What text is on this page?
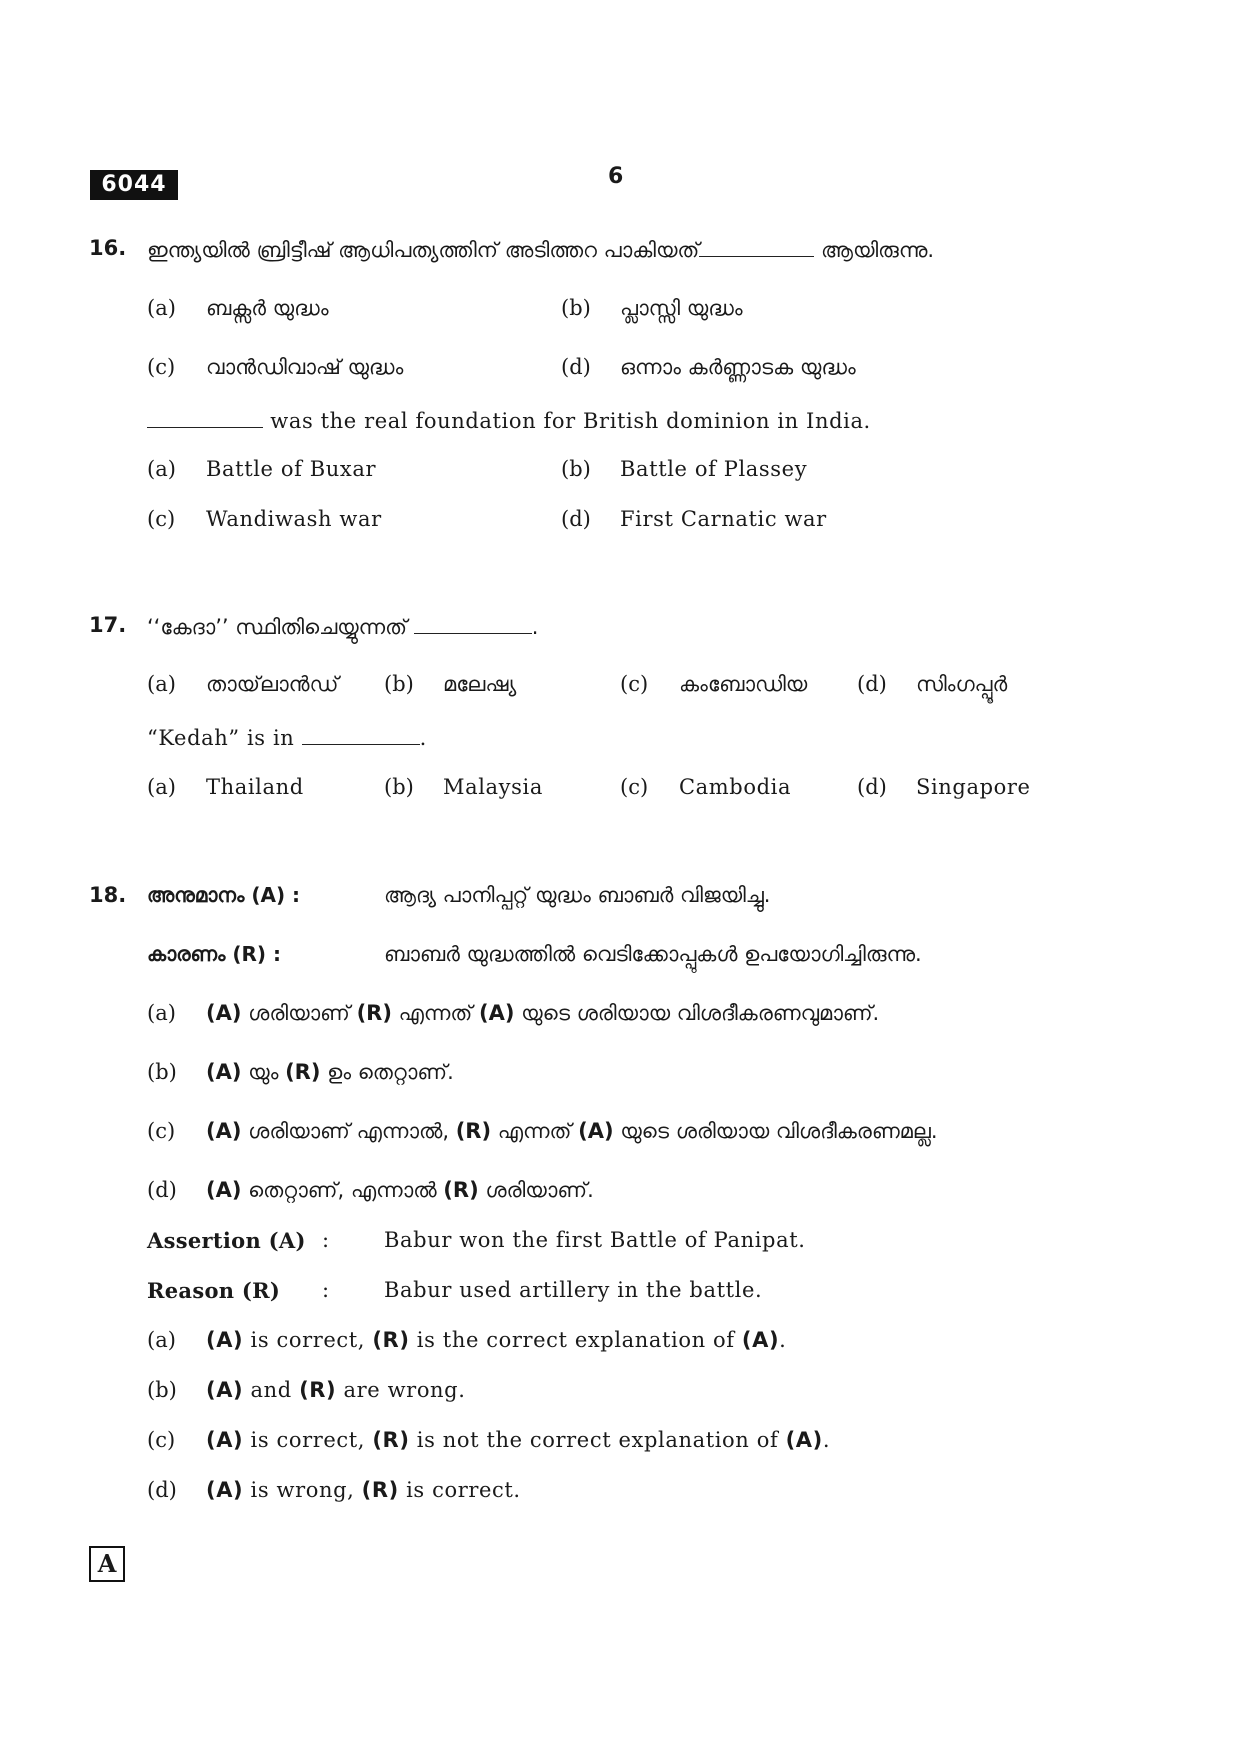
6044	6
16. ഇന്ത്യയിൽ ബ്രിട്ടീഷ് ആധിപത്യത്തിന് അടിത്തറ പാകിയത്	ആയിരുന്നു.
(a) ബക്സർ യുദ്ധം	(b) പ്ലാസ്സി യുദ്ധം
(c) വാൻഡിവാഷ് യുദ്ധം	(d) ഒന്നാം കർണ്ണാടക യുദ്ധം
was the real foundation for British dominion in India.
(a) Battle of Buxar	(b) Battle of Plassey
(c) Wandiwash war	(d) First Carnatic war
17. ‘‘കേദാ’’ സ്ഥിതിചെയ്യുന്നത്	.
(a) തായ്‌ലാൻഡ് (b) മലേഷ്യ	(c) കംബോഡിയ (d) സിംഗപ്പൂർ
“Kedah” is in	.
(a) Thailand	(b) Malaysia	(c) Cambodia	(d) Singapore
18. അനുമാനം (A) :	ആദ്യ പാനിപ്പറ്റ് യുദ്ധം ബാബർ വിജയിച്ചു.
കാരണം (R) :	ബാബർ യുദ്ധത്തിൽ വെടിക്കോപ്പുകൾ ഉപയോഗിച്ചിരുന്നു.
(a) (A) ശരിയാണ് (R) എന്നത് (A) യുടെ ശരിയായ വിശദീകരണവുമാണ്.
(b) (A) യും (R) ഉം തെറ്റാണ്.
(c) (A) ശരിയാണ് എന്നാൽ, (R) എന്നത് (A) യുടെ ശരിയായ വിശദീകരണമല്ല.
(d) (A) തെറ്റാണ്, എന്നാൽ (R) ശരിയാണ്.
Assertion (A) :	Babur won the first Battle of Panipat.
Reason (R) :	Babur used artillery in the battle.
(a) (A) is correct, (R) is the correct explanation of (A).
(b) (A) and (R) are wrong.
(c) (A) is correct, (R) is not the correct explanation of (A).
(d) (A) is wrong, (R) is correct.
A
